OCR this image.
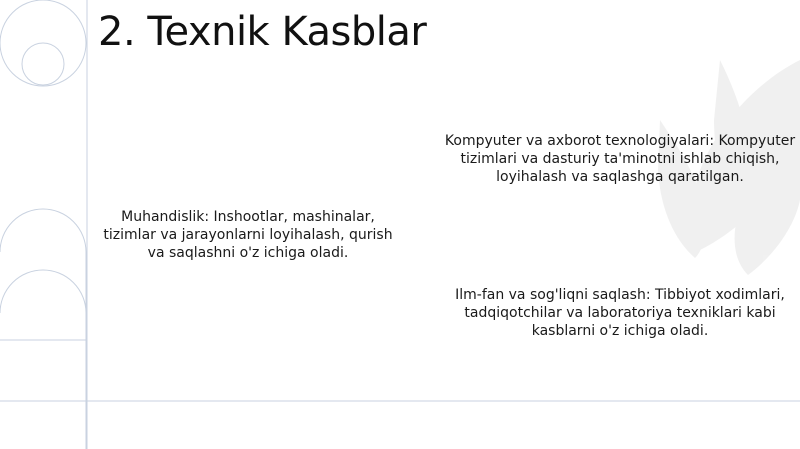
2. Texnik Kasblar
Muhandislik: Inshootlar, mashinalar, tizimlar va jarayonlarni loyihalash, qurish va saqlashni o'z ichiga oladi.
Kompyuter va axborot texnologiyalari: Kompyuter tizimlari va dasturiy ta'minotni ishlab chiqish, loyihalash va saqlashga qaratilgan.
Ilm-fan va sog'liqni saqlash: Tibbiyot xodimlari, tadqiqotchilar va laboratoriya texniklari kabi kasblarni o'z ichiga oladi.
